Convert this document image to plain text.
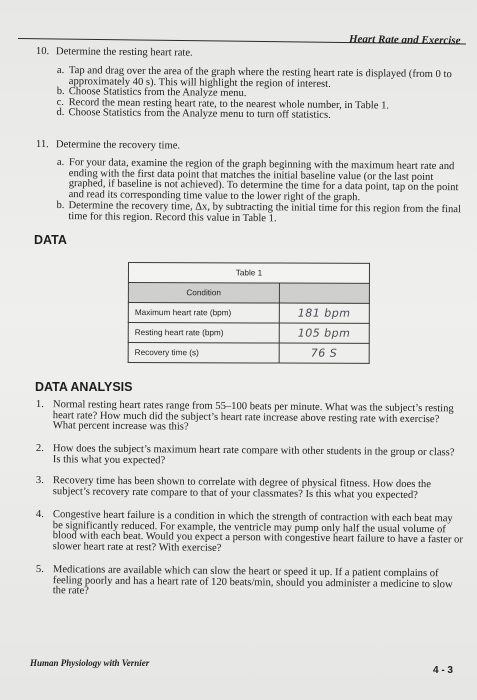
Heart Rate and Exercise
10. Determine the resting heart rate.
a. Tap and drag over the area of the graph where the resting heart rate is displayed (from 0 to approximately 40 s). This will highlight the region of interest.
b. Choose Statistics from the Analyze menu.
c. Record the mean resting heart rate, to the nearest whole number, in Table 1.
d. Choose Statistics from the Analyze menu to turn off statistics.
11. Determine the recovery time.
a. For your data, examine the region of the graph beginning with the maximum heart rate and ending with the first data point that matches the initial baseline value (or the last point graphed, if baseline is not achieved). To determine the time for a data point, tap on the point and read its corresponding time value to the lower right of the graph.
b. Determine the recovery time, Δx, by subtracting the initial time for this region from the final time for this region. Record this value in Table 1.
DATA
Table 1	
Condition	
Maximum heart rate (bpm)	181 bpm
Resting heart rate (bpm)	105 bpm
Recovery time (s)	76 S
DATA ANALYSIS
1. Normal resting heart rates range from 55–100 beats per minute. What was the subject’s resting heart rate? How much did the subject’s heart rate increase above resting rate with exercise? What percent increase was this?
2. How does the subject’s maximum heart rate compare with other students in the group or class? Is this what you expected?
3. Recovery time has been shown to correlate with degree of physical fitness. How does the subject’s recovery rate compare to that of your classmates? Is this what you expected?
4. Congestive heart failure is a condition in which the strength of contraction with each beat may be significantly reduced. For example, the ventricle may pump only half the usual volume of blood with each beat. Would you expect a person with congestive heart failure to have a faster or slower heart rate at rest? With exercise?
5. Medications are available which can slow the heart or speed it up. If a patient complains of feeling poorly and has a heart rate of 120 beats/min, should you administer a medicine to slow the rate?
Human Physiology with Vernier
4 - 3
